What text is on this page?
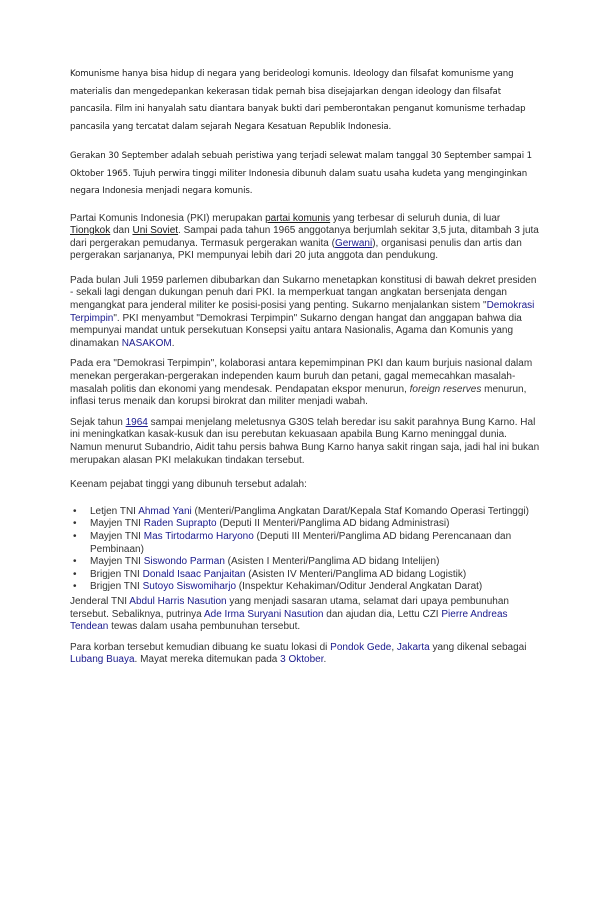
Komunisme hanya bisa hidup di negara yang berideologi komunis. Ideology dan filsafat komunisme yang materialis dan mengedepankan kekerasan tidak pernah bisa disejajarkan dengan ideology dan filsafat pancasila. Film ini hanyalah satu diantara banyak bukti dari pemberontakan penganut komunisme terhadap pancasila yang tercatat dalam sejarah Negara Kesatuan Republik Indonesia.

Gerakan 30 September adalah sebuah peristiwa yang terjadi selewat malam tanggal 30 September sampai 1 Oktober 1965. Tujuh perwira tinggi militer Indonesia dibunuh dalam suatu usaha kudeta yang menginginkan negara Indonesia menjadi negara komunis.

Partai Komunis Indonesia (PKI) merupakan partai komunis yang terbesar di seluruh dunia, di luar Tiongkok dan Uni Soviet. Sampai pada tahun 1965 anggotanya berjumlah sekitar 3,5 juta, ditambah 3 juta dari pergerakan pemudanya. Termasuk pergerakan wanita (Gerwani), organisasi penulis dan artis dan pergerakan sarjananya, PKI mempunyai lebih dari 20 juta anggota dan pendukung.

Pada bulan Juli 1959 parlemen dibubarkan dan Sukarno menetapkan konstitusi di bawah dekret presiden - sekali lagi dengan dukungan penuh dari PKI. Ia memperkuat tangan angkatan bersenjata dengan mengangkat para jenderal militer ke posisi-posisi yang penting. Sukarno menjalankan sistem "Demokrasi Terpimpin". PKI menyambut "Demokrasi Terpimpin" Sukarno dengan hangat dan anggapan bahwa dia mempunyai mandat untuk persekutuan Konsepsi yaitu antara Nasionalis, Agama dan Komunis yang dinamakan NASAKOM.

Pada era "Demokrasi Terpimpin", kolaborasi antara kepemimpinan PKI dan kaum burjuis nasional dalam menekan pergerakan-pergerakan independen kaum buruh dan petani, gagal memecahkan masalah-masalah politis dan ekonomi yang mendesak. Pendapatan ekspor menurun, foreign reserves menurun, inflasi terus menaik dan korupsi birokrat dan militer menjadi wabah.

Sejak tahun 1964 sampai menjelang meletusnya G30S telah beredar isu sakit parahnya Bung Karno. Hal ini meningkatkan kasak-kusuk dan isu perebutan kekuasaan apabila Bung Karno meninggal dunia. Namun menurut Subandrio, Aidit tahu persis bahwa Bung Karno hanya sakit ringan saja, jadi hal ini bukan merupakan alasan PKI melakukan tindakan tersebut.

Keenam pejabat tinggi yang dibunuh tersebut adalah:

• Letjen TNI Ahmad Yani (Menteri/Panglima Angkatan Darat/Kepala Staf Komando Operasi Tertinggi)
• Mayjen TNI Raden Suprapto (Deputi II Menteri/Panglima AD bidang Administrasi)
• Mayjen TNI Mas Tirtodarmo Haryono (Deputi III Menteri/Panglima AD bidang Perencanaan dan Pembinaan)
• Mayjen TNI Siswondo Parman (Asisten I Menteri/Panglima AD bidang Intelijen)
• Brigjen TNI Donald Isaac Panjaitan (Asisten IV Menteri/Panglima AD bidang Logistik)
• Brigjen TNI Sutoyo Siswomiharjo (Inspektur Kehakiman/Oditur Jenderal Angkatan Darat)

Jenderal TNI Abdul Harris Nasution yang menjadi sasaran utama, selamat dari upaya pembunuhan tersebut. Sebaliknya, putrinya Ade Irma Suryani Nasution dan ajudan dia, Lettu CZI Pierre Andreas Tendean tewas dalam usaha pembunuhan tersebut.

Para korban tersebut kemudian dibuang ke suatu lokasi di Pondok Gede, Jakarta yang dikenal sebagai Lubang Buaya. Mayat mereka ditemukan pada 3 Oktober.
